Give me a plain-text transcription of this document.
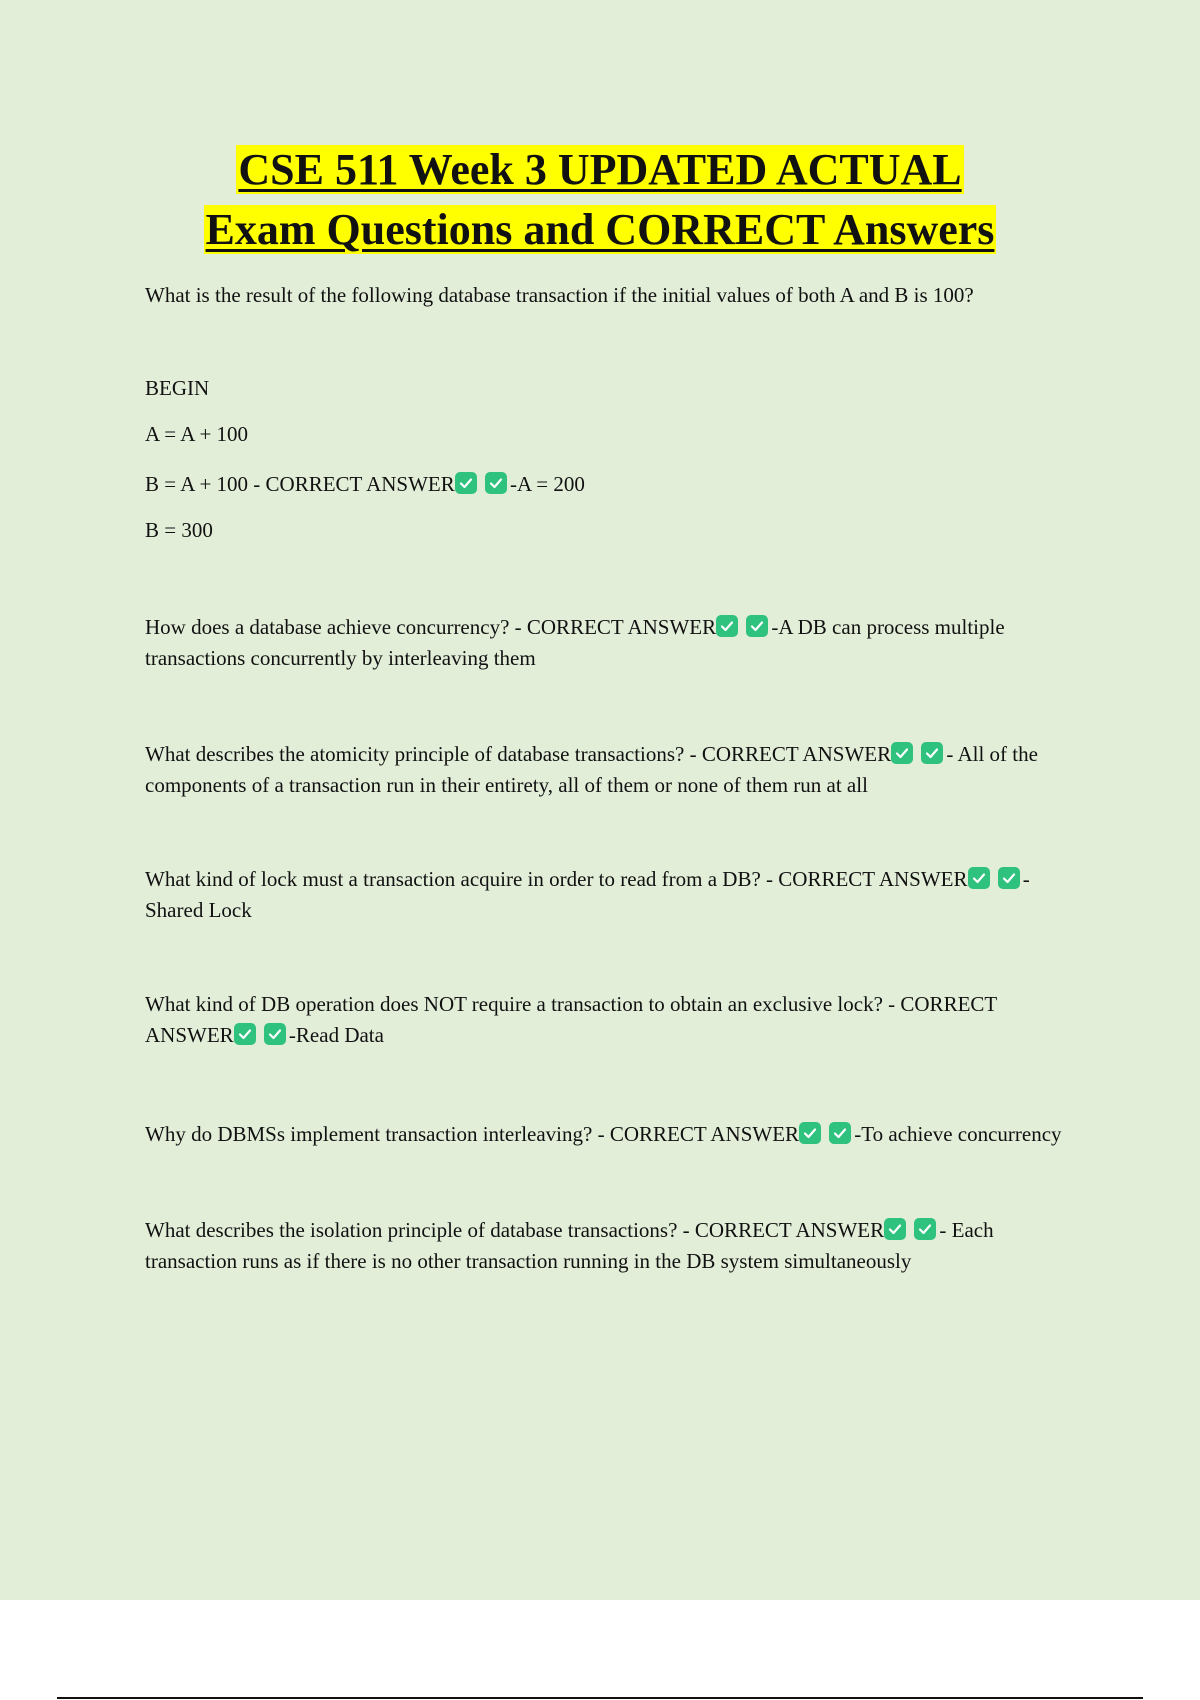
CSE 511 Week 3 UPDATED ACTUAL
Exam Questions and CORRECT Answers

What is the result of the following database transaction if the initial values of both A and B is 100?

BEGIN

A = A + 100

B = A + 100 - CORRECT ANSWER
	-A = 200

B = 300

How does a database achieve concurrency? - CORRECT ANSWER
	-A DB can process multiple transactions concurrently by interleaving them

What describes the atomicity principle of database transactions? - CORRECT ANSWER
	- All of the components of a transaction run in their entirety, all of them or none of them run at all

What kind of lock must a transaction acquire in order to read from a DB? - CORRECT ANSWER
	-Shared Lock

What kind of DB operation does NOT require a transaction to obtain an exclusive lock? - CORRECT ANSWER
	-Read Data

Why do DBMSs implement transaction interleaving? - CORRECT ANSWER
	-To achieve concurrency

What describes the isolation principle of database transactions? - CORRECT ANSWER
	- Each transaction runs as if there is no other transaction running in the DB system simultaneously
